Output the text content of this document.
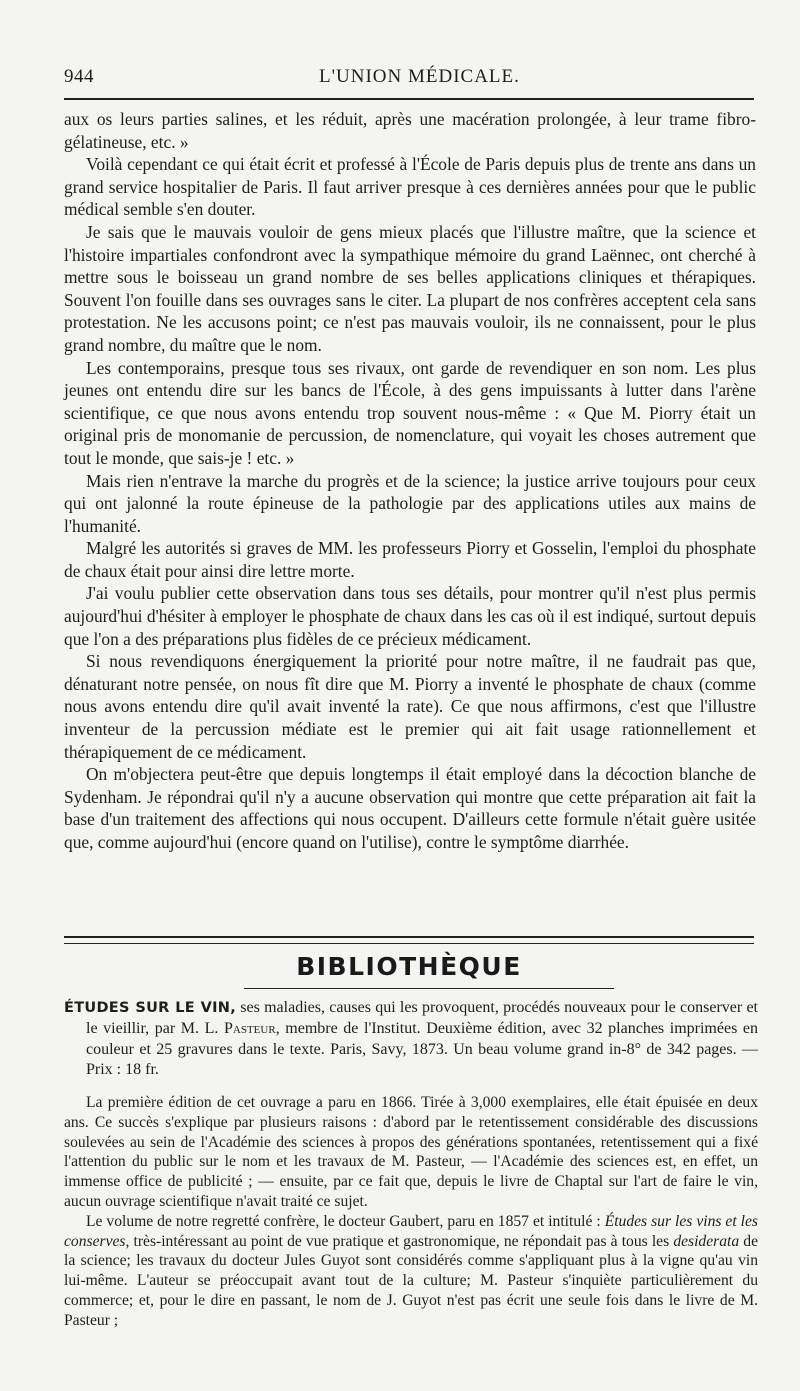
944	L'UNION MÉDICALE.

aux os leurs parties salines, et les réduit, après une macération prolongée, à leur trame fibro-gélatineuse, etc. »

Voilà cependant ce qui était écrit et professé à l'École de Paris depuis plus de trente ans dans un grand service hospitalier de Paris. Il faut arriver presque à ces dernières années pour que le public médical semble s'en douter.

Je sais que le mauvais vouloir de gens mieux placés que l'illustre maître, que la science et l'histoire impartiales confondront avec la sympathique mémoire du grand Laënnec, ont cherché à mettre sous le boisseau un grand nombre de ses belles applications cliniques et thérapiques. Souvent l'on fouille dans ses ouvrages sans le citer. La plupart de nos confrères acceptent cela sans protestation. Ne les accusons point; ce n'est pas mauvais vouloir, ils ne connaissent, pour le plus grand nombre, du maître que le nom.

Les contemporains, presque tous ses rivaux, ont garde de revendiquer en son nom. Les plus jeunes ont entendu dire sur les bancs de l'École, à des gens impuissants à lutter dans l'arène scientifique, ce que nous avons entendu trop souvent nous-même : « Que M. Piorry était un original pris de monomanie de percussion, de nomenclature, qui voyait les choses autrement que tout le monde, que sais-je ! etc. »

Mais rien n'entrave la marche du progrès et de la science; la justice arrive toujours pour ceux qui ont jalonné la route épineuse de la pathologie par des applications utiles aux mains de l'humanité.

Malgré les autorités si graves de MM. les professeurs Piorry et Gosselin, l'emploi du phosphate de chaux était pour ainsi dire lettre morte.

J'ai voulu publier cette observation dans tous ses détails, pour montrer qu'il n'est plus permis aujourd'hui d'hésiter à employer le phosphate de chaux dans les cas où il est indiqué, surtout depuis que l'on a des préparations plus fidèles de ce précieux médicament.

Si nous revendiquons énergiquement la priorité pour notre maître, il ne faudrait pas que, dénaturant notre pensée, on nous fît dire que M. Piorry a inventé le phosphate de chaux (comme nous avons entendu dire qu'il avait inventé la rate). Ce que nous affirmons, c'est que l'illustre inventeur de la percussion médiate est le premier qui ait fait usage rationnellement et thérapiquement de ce médicament.

On m'objectera peut-être que depuis longtemps il était employé dans la décoction blanche de Sydenham. Je répondrai qu'il n'y a aucune observation qui montre que cette préparation ait fait la base d'un traitement des affections qui nous occupent. D'ailleurs cette formule n'était guère usitée que, comme aujourd'hui (encore quand on l'utilise), contre le symptôme diarrhée.

BIBLIOTHÈQUE

ÉTUDES SUR LE VIN, ses maladies, causes qui les provoquent, procédés nouveaux pour le conserver et le vieillir, par M. L. Pasteur, membre de l'Institut. Deuxième édition, avec 32 planches imprimées en couleur et 25 gravures dans le texte. Paris, Savy, 1873. Un beau volume grand in-8° de 342 pages. — Prix : 18 fr.

La première édition de cet ouvrage a paru en 1866. Tirée à 3,000 exemplaires, elle était épuisée en deux ans. Ce succès s'explique par plusieurs raisons : d'abord par le retentissement considérable des discussions soulevées au sein de l'Académie des sciences à propos des générations spontanées, retentissement qui a fixé l'attention du public sur le nom et les travaux de M. Pasteur, — l'Académie des sciences est, en effet, un immense office de publicité ; — ensuite, par ce fait que, depuis le livre de Chaptal sur l'art de faire le vin, aucun ouvrage scientifique n'avait traité ce sujet.

Le volume de notre regretté confrère, le docteur Gaubert, paru en 1857 et intitulé : Études sur les vins et les conserves, très-intéressant au point de vue pratique et gastronomique, ne répondait pas à tous les desiderata de la science; les travaux du docteur Jules Guyot sont considérés comme s'appliquant plus à la vigne qu'au vin lui-même. L'auteur se préoccupait avant tout de la culture; M. Pasteur s'inquiète particulièrement du commerce; et, pour le dire en passant, le nom de J. Guyot n'est pas écrit une seule fois dans le livre de M. Pasteur ;
